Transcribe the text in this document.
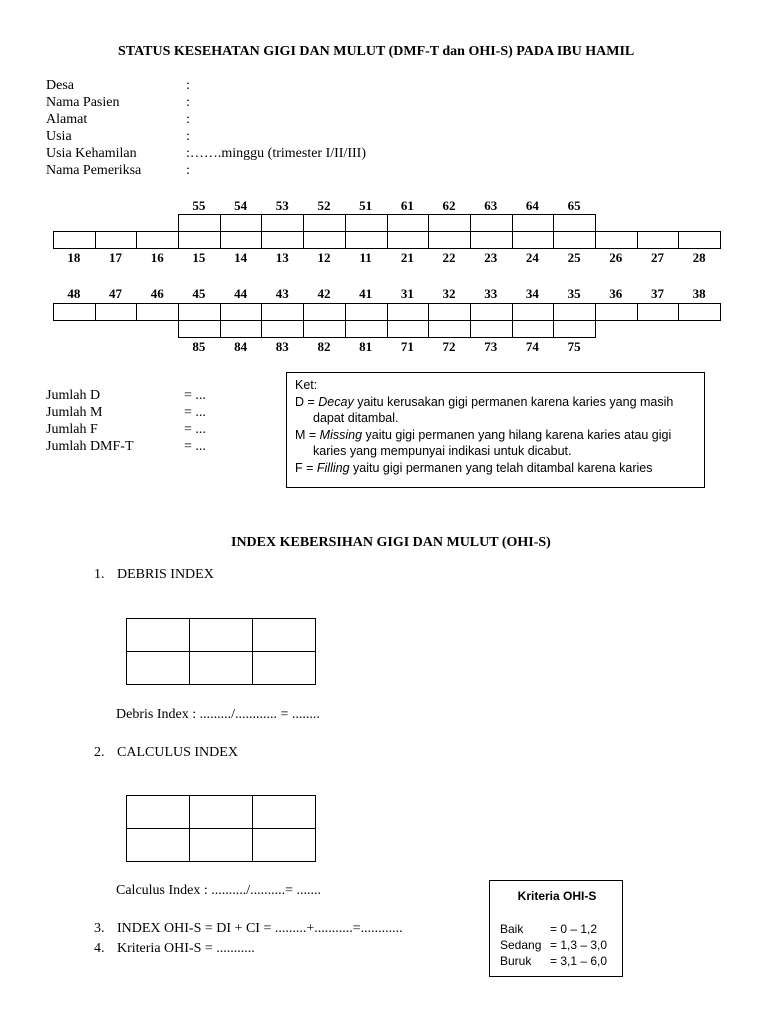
STATUS KESEHATAN GIGI DAN MULUT (DMF-T dan OHI-S) PADA IBU HAMIL
Desa	:
Nama Pasien	:
Alamat	:
Usia	:
Usia Kehamilan	:…….minggu (trimester I/II/III)
Nama Pemeriksa	:
55	54	53	52	51	61	62	63	64	65
18	17	16	15	14	13	12	11	21	22	23	24	25	26	27	28
48	47	46	45	44	43	42	41	31	32	33	34	35	36	37	38
85	84	83	82	81	71	72	73	74	75
Jumlah D	= ...
Jumlah M	= ...
Jumlah F	= ...
Jumlah DMF-T	= ...

Ket:

D = Decay yaitu kerusakan gigi permanen karena karies yang masih

dapat ditambal.

M = Missing yaitu gigi permanen yang hilang karena karies atau gigi

karies yang mempunyai indikasi untuk dicabut.

F = Filling yaitu gigi permanen yang telah ditambal karena karies

INDEX KEBERSIHAN GIGI DAN MULUT (OHI-S)
1. DEBRIS INDEX

Debris Index : ........./............ = ........
2. CALCULUS INDEX

Calculus Index : ........../..........= .......
3. INDEX OHI-S = DI + CI = .........+...........=............
4. Kriteria OHI-S = ...........
Kriteria OHI-S
Baik = 0 – 1,2
Sedang = 1,3 – 3,0
Buruk = 3,1 – 6,0
